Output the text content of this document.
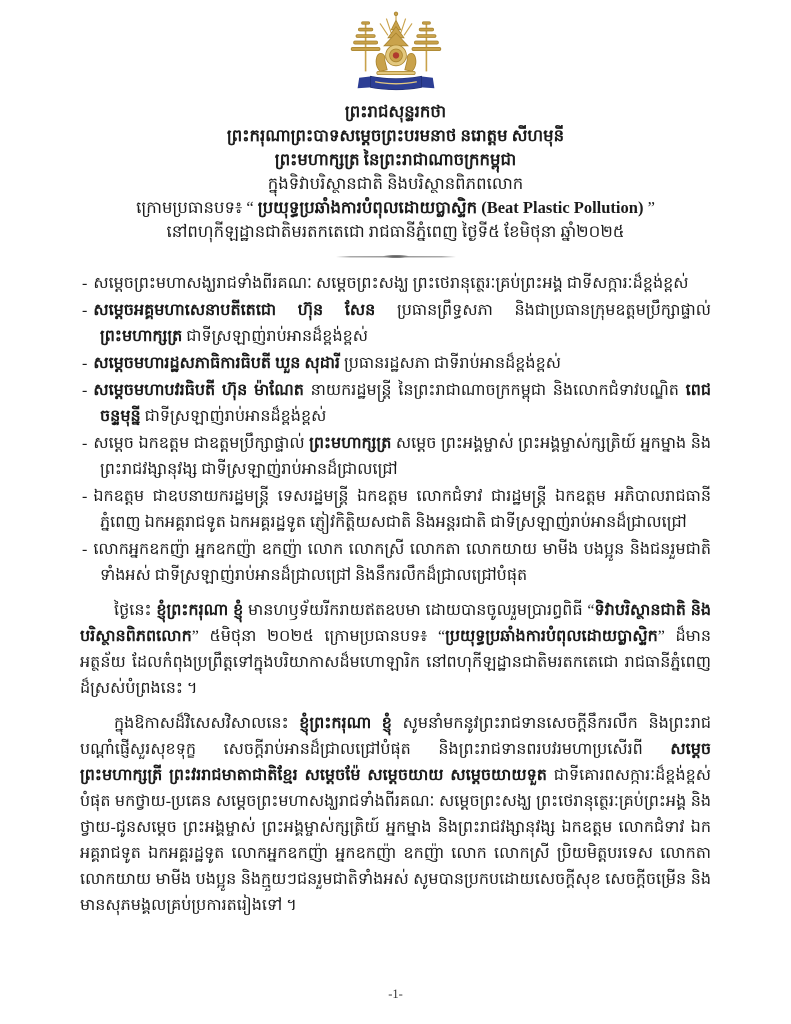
ព្រះរាជសុន្ទរកថា
ព្រះករុណាព្រះបាទសម្តេចព្រះបរមនាថ នរោត្តម សីហមុនី
ព្រះមហាក្សត្រ នៃព្រះរាជាណាចក្រកម្ពុជា
ក្នុងទិវាបរិស្ថានជាតិ និងបរិស្ថានពិភពលោក
ក្រោមប្រធានបទ៖ “ ប្រយុទ្ធប្រឆាំងការបំពុលដោយប្លាស្ទិក (Beat Plastic Pollution) ”
នៅពហុកីឡដ្ឋានជាតិមរតកតេជោ រាជធានីភ្នំពេញ ថ្ងៃទី៥ ខែមិថុនា ឆ្នាំ២០២៥
- សម្តេចព្រះមហាសង្ឃរាជទាំងពីរគណៈ សម្តេចព្រះសង្ឃ ព្រះថេរានុត្ថេរៈគ្រប់ព្រះអង្គ ជាទីសក្ការៈដ៏ខ្ពង់ខ្ពស់
- សម្តេចអគ្គមហាសេនាបតីតេជោ ហ៊ុន សែន ប្រធានព្រឹទ្ធសភា និងជាប្រធានក្រុមឧត្តមប្រឹក្សាផ្ទាល់ ព្រះមហាក្សត្រ ជាទីស្រឡាញ់រាប់អានដ៏ខ្ពង់ខ្ពស់
- សម្តេចមហារដ្ឋសភាធិការធិបតី ឃួន សុដារី ប្រធានរដ្ឋសភា ជាទីរាប់អានដ៏ខ្ពង់ខ្ពស់
- សម្តេចមហាបវរធិបតី ហ៊ុន ម៉ាណែត នាយករដ្ឋមន្ត្រី នៃព្រះរាជាណាចក្រកម្ពុជា និងលោកជំទាវបណ្ឌិត ពេជ ចន្ទមុន្នី ជាទីស្រឡាញ់រាប់អានដ៏ខ្ពង់ខ្ពស់
- សម្តេច ឯកឧត្តម ជាឧត្តមប្រឹក្សាផ្ទាល់ ព្រះមហាក្សត្រ សម្តេច ព្រះអង្គម្ចាស់ ព្រះអង្គម្ចាស់ក្សត្រិយ៍ អ្នកម្នាង និងព្រះរាជវង្សានុវង្ស ជាទីស្រឡាញ់រាប់អានដ៏ជ្រាលជ្រៅ
- ឯកឧត្តម ជាឧបនាយករដ្ឋមន្ត្រី ទេសរដ្ឋមន្ត្រី ឯកឧត្តម លោកជំទាវ ជារដ្ឋមន្ត្រី ឯកឧត្តម អភិបាលរាជធានីភ្នំពេញ ឯកអគ្គរាជទូត ឯកអគ្គរដ្ឋទូត ភ្ញៀវកិត្តិយសជាតិ និងអន្តរជាតិ ជាទីស្រឡាញ់រាប់អានដ៏ជ្រាលជ្រៅ
- លោកអ្នកឧកញ៉ា អ្នកឧកញ៉ា ឧកញ៉ា លោក លោកស្រី លោកតា លោកយាយ មាមីង បងប្អូន និងជនរួមជាតិទាំងអស់ ជាទីស្រឡាញ់រាប់អានដ៏ជ្រាលជ្រៅ និងនឹករលឹកដ៏ជ្រាលជ្រៅបំផុត

ថ្ងៃនេះ ខ្ញុំព្រះករុណា ខ្ញុំ មានហឫទ័យរីករាយឥតឧបមា ដោយបានចូលរួមប្រារព្ធពិធី “ទិវាបរិស្ថានជាតិ និងបរិស្ថានពិភពលោក” ៥មិថុនា ២០២៥ ក្រោមប្រធានបទ៖ “ប្រយុទ្ធប្រឆាំងការបំពុលដោយប្លាស្ទិក” ដ៏មានអត្ថន័យ ដែលកំពុងប្រព្រឹត្តទៅក្នុងបរិយាកាសដ៏មហោឡារិក នៅពហុកីឡដ្ឋានជាតិមរតកតេជោ រាជធានីភ្នំពេញដ៏ស្រស់បំព្រងនេះ ។

ក្នុងឱកាសដ៏វិសេសវិសាលនេះ ខ្ញុំព្រះករុណា ខ្ញុំ សូមនាំមកនូវព្រះរាជទានសេចក្តីនឹករលឹក និងព្រះរាជបណ្តាំផ្ញើសួរសុខទុក្ខ សេចក្តីរាប់អានដ៏ជ្រាលជ្រៅបំផុត និងព្រះរាជទានពរបវរមហាប្រសើរពី សម្តេចព្រះមហាក្សត្រី ព្រះវររាជមាតាជាតិខ្មែរ សម្តេចម៉ែ សម្តេចយាយ សម្តេចយាយទួត ជាទីគោរពសក្ការៈដ៏ខ្ពង់ខ្ពស់បំផុត មកថ្វាយ-ប្រគេន សម្តេចព្រះមហាសង្ឃរាជទាំងពីរគណៈ សម្តេចព្រះសង្ឃ ព្រះថេរានុត្ថេរៈគ្រប់ព្រះអង្គ និងថ្វាយ-ជូនសម្តេច ព្រះអង្គម្ចាស់ ព្រះអង្គម្ចាស់ក្សត្រិយ៍ អ្នកម្នាង និងព្រះរាជវង្សានុវង្ស ឯកឧត្តម លោកជំទាវ ឯកអគ្គរាជទូត ឯកអគ្គរដ្ឋទូត លោកអ្នកឧកញ៉ា អ្នកឧកញ៉ា ឧកញ៉ា លោក លោកស្រី ប្រិយមិត្តបរទេស លោកតា លោកយាយ មាមីង បងប្អូន និងក្មួយៗជនរួមជាតិទាំងអស់ សូមបានប្រកបដោយសេចក្តីសុខ សេចក្តីចម្រើន និងមានសុភមង្គលគ្រប់ប្រការតរៀងទៅ ។

-1-
